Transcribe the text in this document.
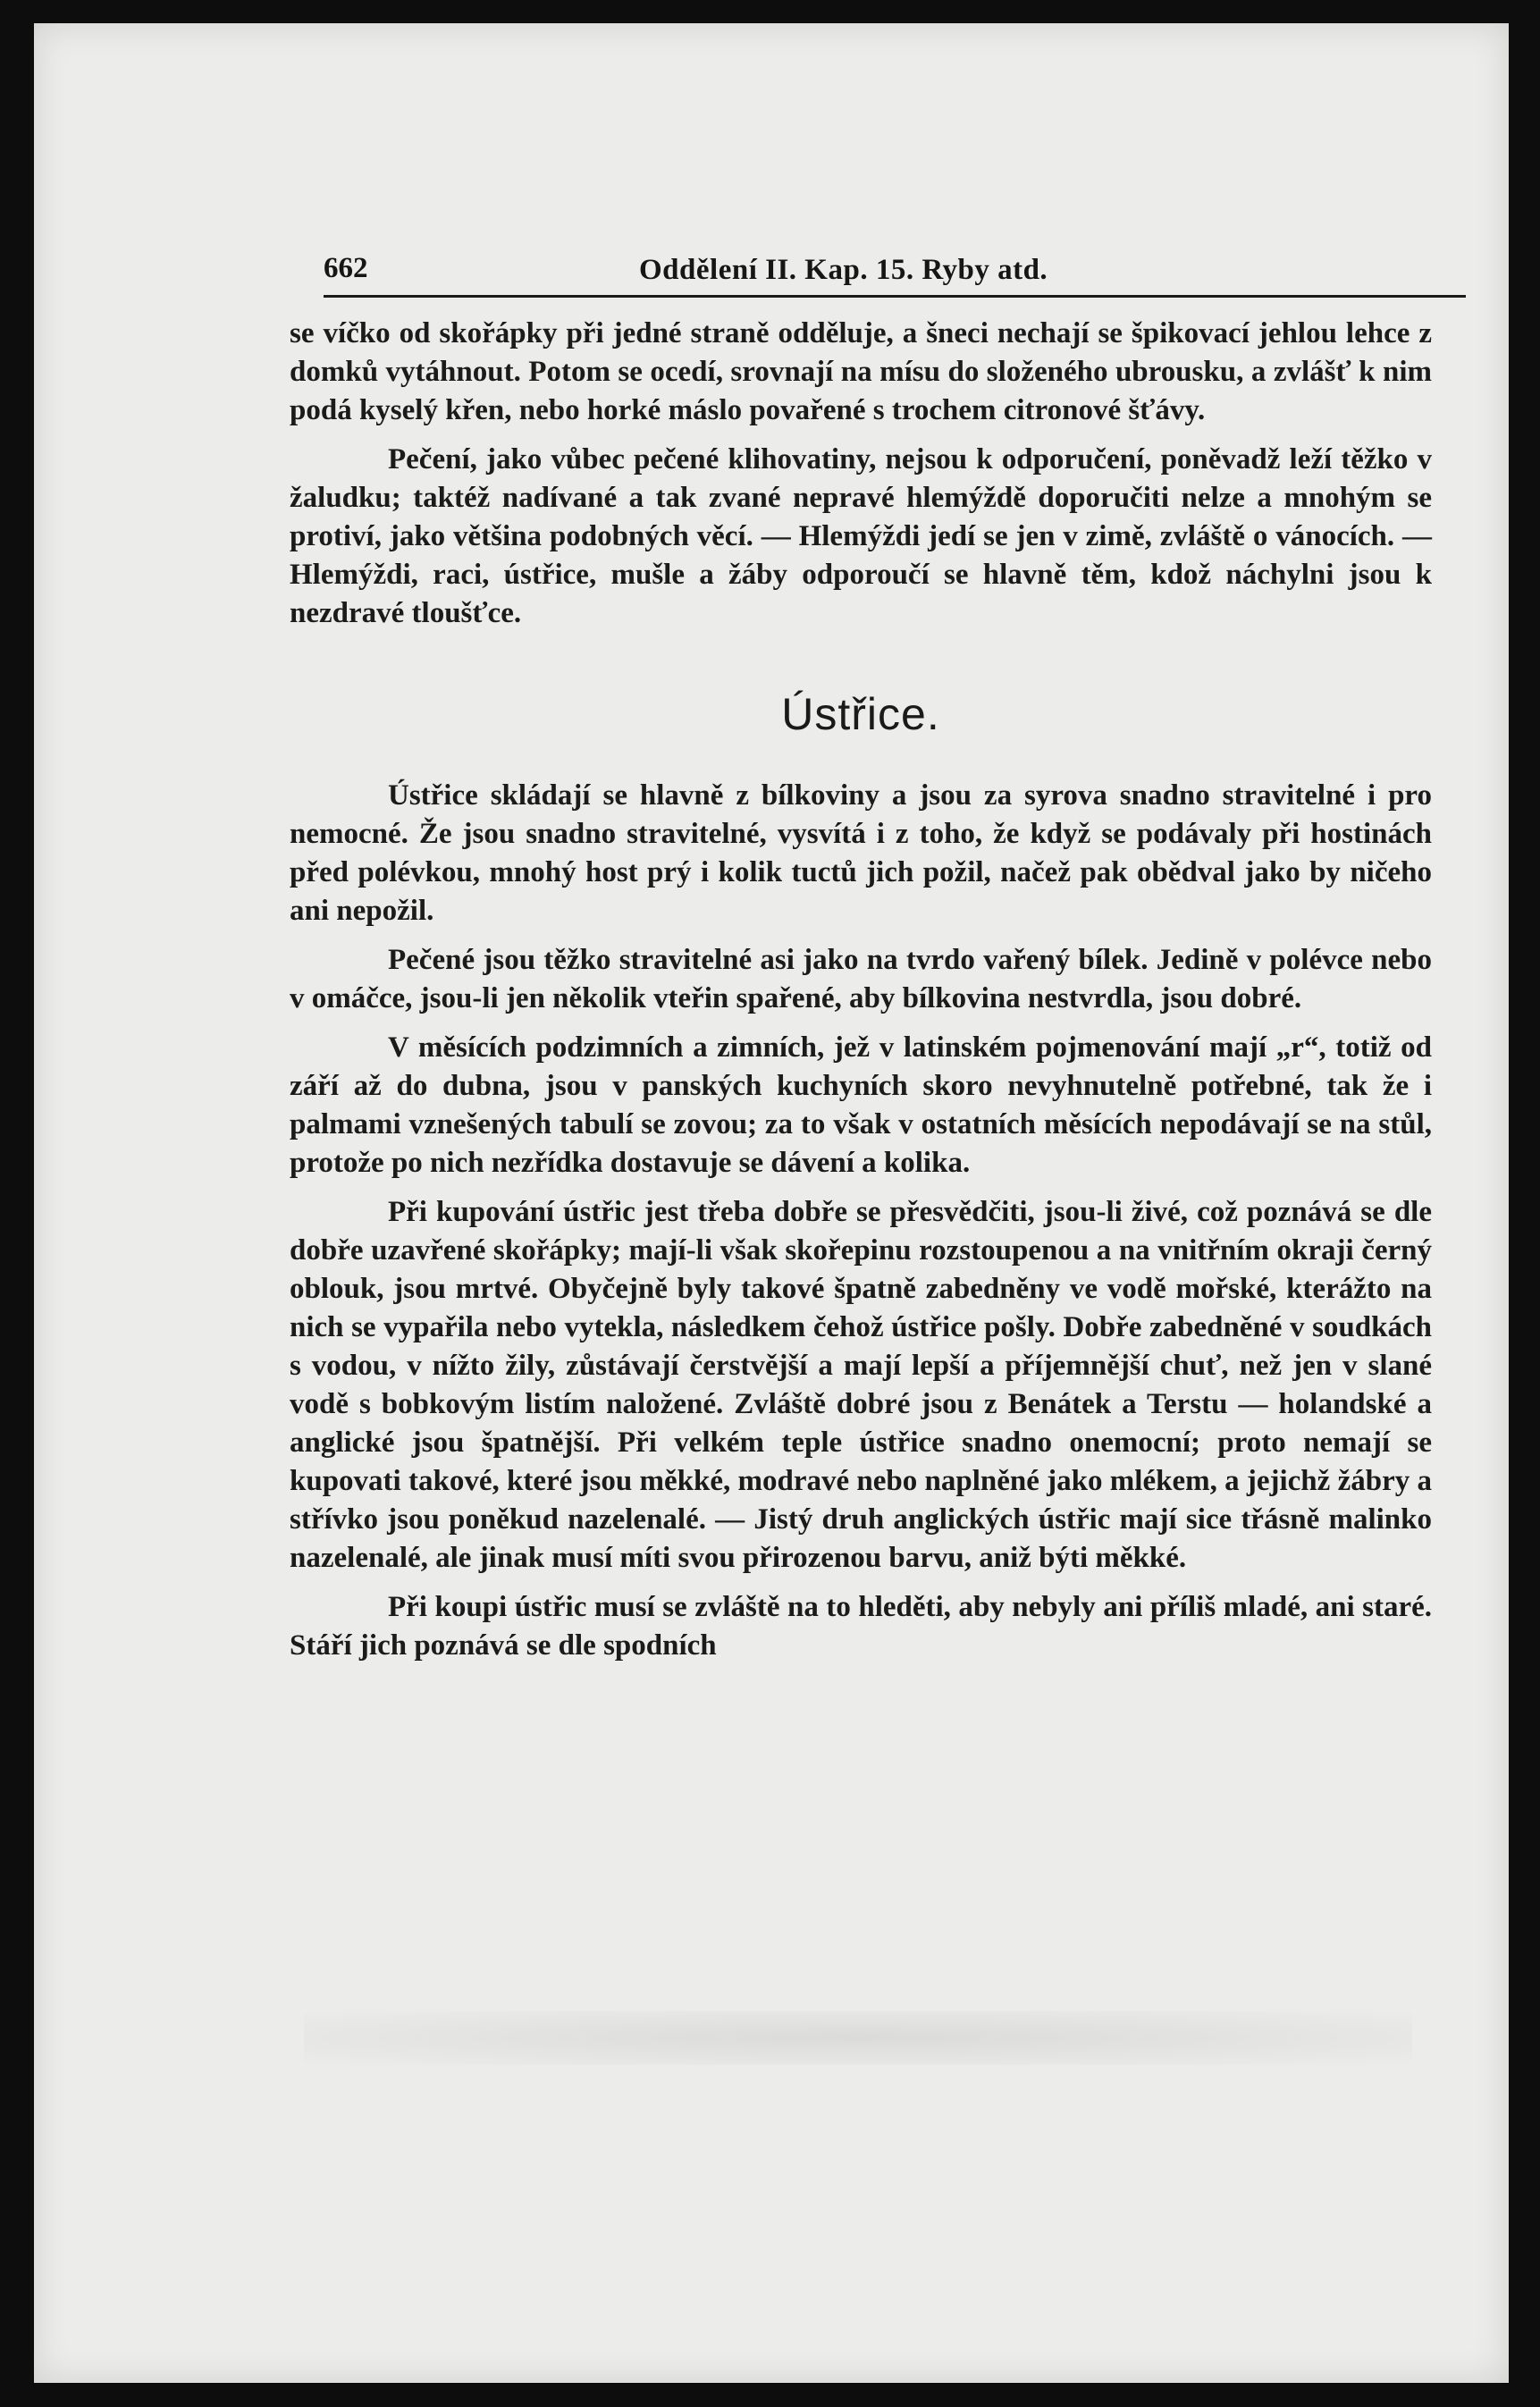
662	Oddělení II. Kap. 15. Ryby atd.

se víčko od skořápky při jedné straně odděluje, a šneci nechají se špikovací jehlou lehce z domků vytáhnout. Potom se ocedí, srovnají na mísu do složeného ubrousku, a zvlášť k nim podá kyselý křen, nebo horké máslo povařené s trochem citronové šťávy.

Pečení, jako vůbec pečené klihovatiny, nejsou k odporučení, poněvadž leží těžko v žaludku; taktéž nadívané a tak zvané nepravé hlemýždě doporučiti nelze a mnohým se protiví, jako většina podobných věcí. — Hlemýždi jedí se jen v zimě, zvláště o vánocích. — Hlemýždi, raci, ústřice, mušle a žáby odporoučí se hlavně těm, kdož náchylni jsou k nezdravé tloušťce.

Ústřice.

Ústřice skládají se hlavně z bílkoviny a jsou za syrova snadno stravitelné i pro nemocné. Že jsou snadno stravitelné, vysvítá i z toho, že když se podávaly při hostinách před polévkou, mnohý host prý i kolik tuctů jich požil, načež pak obědval jako by ničeho ani nepožil.

Pečené jsou těžko stravitelné asi jako na tvrdo vařený bílek. Jedině v polévce nebo v omáčce, jsou-li jen několik vteřin spařené, aby bílkovina nestvrdla, jsou dobré.

V měsících podzimních a zimních, jež v latinském pojmenování mají „r“, totiž od září až do dubna, jsou v panských kuchyních skoro nevyhnutelně potřebné, tak že i palmami vznešených tabulí se zovou; za to však v ostatních měsících nepodávají se na stůl, protože po nich nezřídka dostavuje se dávení a kolika.

Při kupování ústřic jest třeba dobře se přesvědčiti, jsou-li živé, což poznává se dle dobře uzavřené skořápky; mají-li však skořepinu rozstoupenou a na vnitřním okraji černý oblouk, jsou mrtvé. Obyčejně byly takové špatně zabedněny ve vodě mořské, kterážto na nich se vypařila nebo vytekla, následkem čehož ústřice pošly. Dobře zabedněné v soudkách s vodou, v nížto žily, zůstávají čerstvější a mají lepší a příjemnější chuť, než jen v slané vodě s bobkovým listím naložené. Zvláště dobré jsou z Benátek a Terstu — holandské a anglické jsou špatnější. Při velkém teple ústřice snadno onemocní; proto nemají se kupovati takové, které jsou měkké, modravé nebo naplněné jako mlékem, a jejichž žábry a střívko jsou poněkud nazelenalé. — Jistý druh anglických ústřic mají sice třásně malinko nazelenalé, ale jinak musí míti svou přirozenou barvu, aniž býti měkké.

Při koupi ústřic musí se zvláště na to hleděti, aby nebyly ani příliš mladé, ani staré. Stáří jich poznává se dle spodních
